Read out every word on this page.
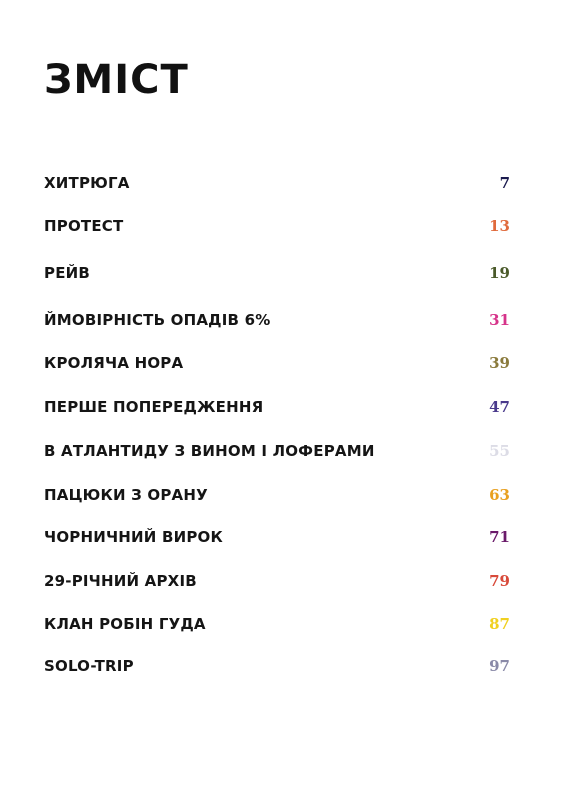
ЗМІСТ
ХИТРЮГА	7
ПРОТЕСТ	13
РЕЙВ	19
ЙМОВІРНІСТЬ ОПАДІВ 6%	31
КРОЛЯЧА НОРА	39
ПЕРШЕ ПОПЕРЕДЖЕННЯ	47
В АТЛАНТИДУ З ВИНОМ І ЛОФЕРАМИ	55
ПАЦЮКИ З ОРАНУ	63
ЧОРНИЧНИЙ ВИРОК	71
29-РІЧНИЙ АРХІВ	79
КЛАН РОБІН ГУДА	87
SOLO-TRIP	97
